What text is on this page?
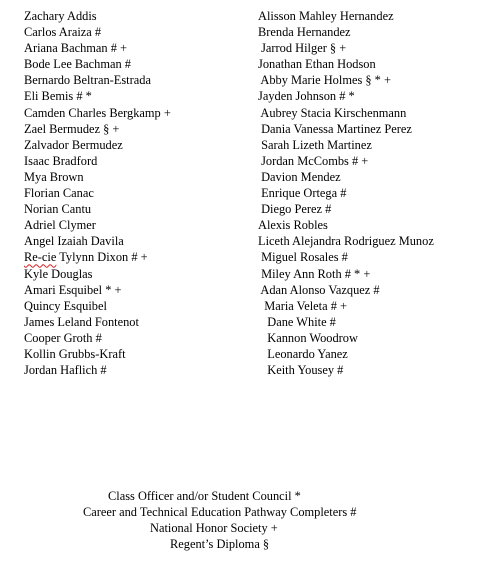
Zachary Addis
Carlos Araiza #
Ariana Bachman # +
Bode Lee Bachman #
Bernardo Beltran-Estrada
Eli Bemis # *
Camden Charles Bergkamp +
Zael Bermudez § +
Zalvador Bermudez
Isaac Bradford
Mya Brown
Florian Canac
Norian Cantu
Adriel Clymer
Angel Izaiah Davila
Re-cie Tylynn Dixon # +
Kyle Douglas
Amari Esquibel * +
Quincy Esquibel
James Leland Fontenot
Cooper Groth #
Kollin Grubbs-Kraft
Jordan Haflich #
Alisson Mahley Hernandez
Brenda Hernandez
Jarrod Hilger § +
Jonathan Ethan Hodson
Abby Marie Holmes § * +
Jayden Johnson # *
Aubrey Stacia Kirschenmann
Dania Vanessa Martinez Perez
Sarah Lizeth Martinez
Jordan McCombs # +
Davion Mendez
Enrique Ortega #
Diego Perez #
Alexis Robles
Liceth Alejandra Rodriguez Munoz
Miguel Rosales #
Miley Ann Roth # * +
Adan Alonso Vazquez #
Maria Veleta # +
Dane White #
Kannon Woodrow
Leonardo Yanez
Keith Yousey #
Class Officer and/or Student Council *
Career and Technical Education Pathway Completers #
National Honor Society +
Regent’s Diploma §
